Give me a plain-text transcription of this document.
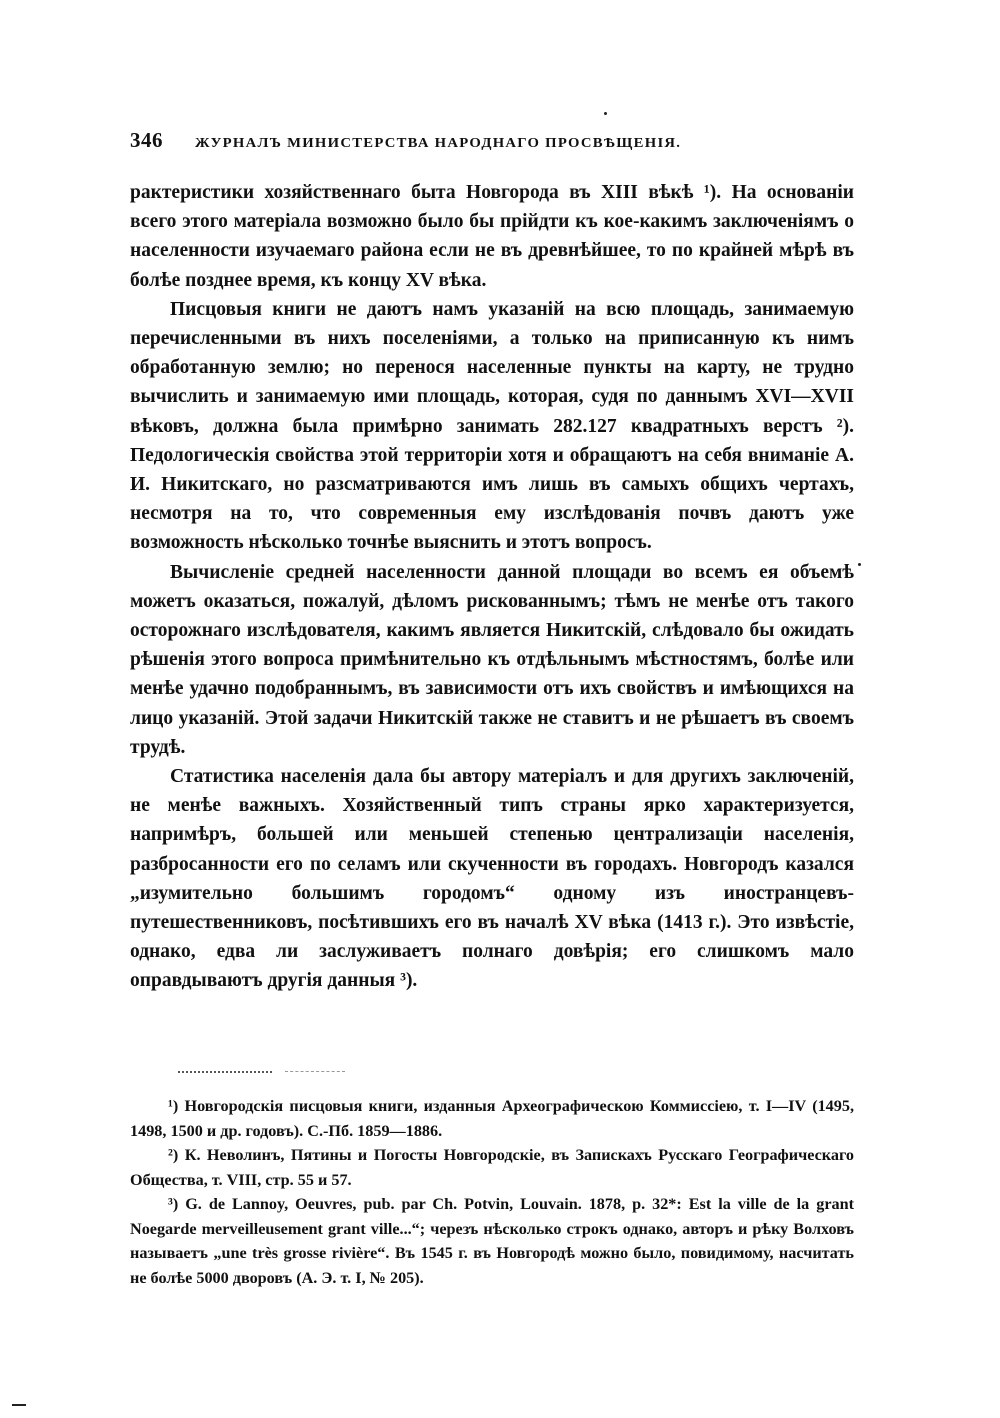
346 ЖУРНАЛЪ МИНИСТЕРСТВА НАРОДНАГО ПРОСВѢЩЕНІЯ.

рактеристики хозяйственнаго быта Новгорода въ XIII вѣкѣ ¹). На основаніи всего этого матеріала возможно было бы прійдти къ кое-какимъ заключеніямъ о населенности изучаемаго района если не въ древнѣйшее, то по крайней мѣрѣ въ болѣе позднее время, къ концу XV вѣка.

Писцовыя книги не даютъ намъ указаній на всю площадь, занимаемую перечисленными въ нихъ поселеніями, а только на приписанную къ нимъ обработанную землю; но перенося населенные пункты на карту, не трудно вычислить и занимаемую ими площадь, которая, судя по даннымъ XVI—XVII вѣковъ, должна была примѣрно занимать 282.127 квадратныхъ верстъ ²). Педологическія свойства этой территоріи хотя и обращаютъ на себя вниманіе А. И. Никитскаго, но разсматриваются имъ лишь въ самыхъ общихъ чертахъ, несмотря на то, что современныя ему изслѣдованія почвъ даютъ уже возможность нѣсколько точнѣе выяснить и этотъ вопросъ.

Вычисленіе средней населенности данной площади во всемъ ея объемѣ можетъ оказаться, пожалуй, дѣломъ рискованнымъ; тѣмъ не менѣе отъ такого осторожнаго изслѣдователя, какимъ является Никитскій, слѣдовало бы ожидать рѣшенія этого вопроса примѣнительно къ отдѣльнымъ мѣстностямъ, болѣе или менѣе удачно подобраннымъ, въ зависимости отъ ихъ свойствъ и имѣющихся на лицо указаній. Этой задачи Никитскій также не ставитъ и не рѣшаетъ въ своемъ трудѣ.

Статистика населенія дала бы автору матеріалъ и для другихъ заключеній, не менѣе важныхъ. Хозяйственный типъ страны ярко характеризуется, напримѣръ, большей или меньшей степенью централизаціи населенія, разбросанности его по селамъ или скученности въ городахъ. Новгородъ казался „изумительно большимъ городомъ“ одному изъ иностранцевъ-путешественниковъ, посѣтившихъ его въ началѣ XV вѣка (1413 г.). Это извѣстіе, однако, едва ли заслуживаетъ полнаго довѣрія; его слишкомъ мало оправдываютъ другія данныя ³).

¹) Новгородскія писцовыя книги, изданныя Археографическою Коммиссіею, т. I—IV (1495, 1498, 1500 и др. годовъ). С.-Пб. 1859—1886.

²) К. Неволинъ, Пятины и Погосты Новгородскіе, въ Запискахъ Русскаго Географическаго Общества, т. VIII, стр. 55 и 57.

³) G. de Lannoy, Oeuvres, pub. par Ch. Potvin, Louvain. 1878, p. 32*: Est la ville de la grant Noegarde merveilleusement grant ville...“; черезъ нѣсколько строкъ однако, авторъ и рѣку Волховъ называетъ „une très grosse rivière“. Въ 1545 г. въ Новгородѣ можно было, повидимому, насчитать не болѣе 5000 дворовъ (А. Э. т. I, № 205).
